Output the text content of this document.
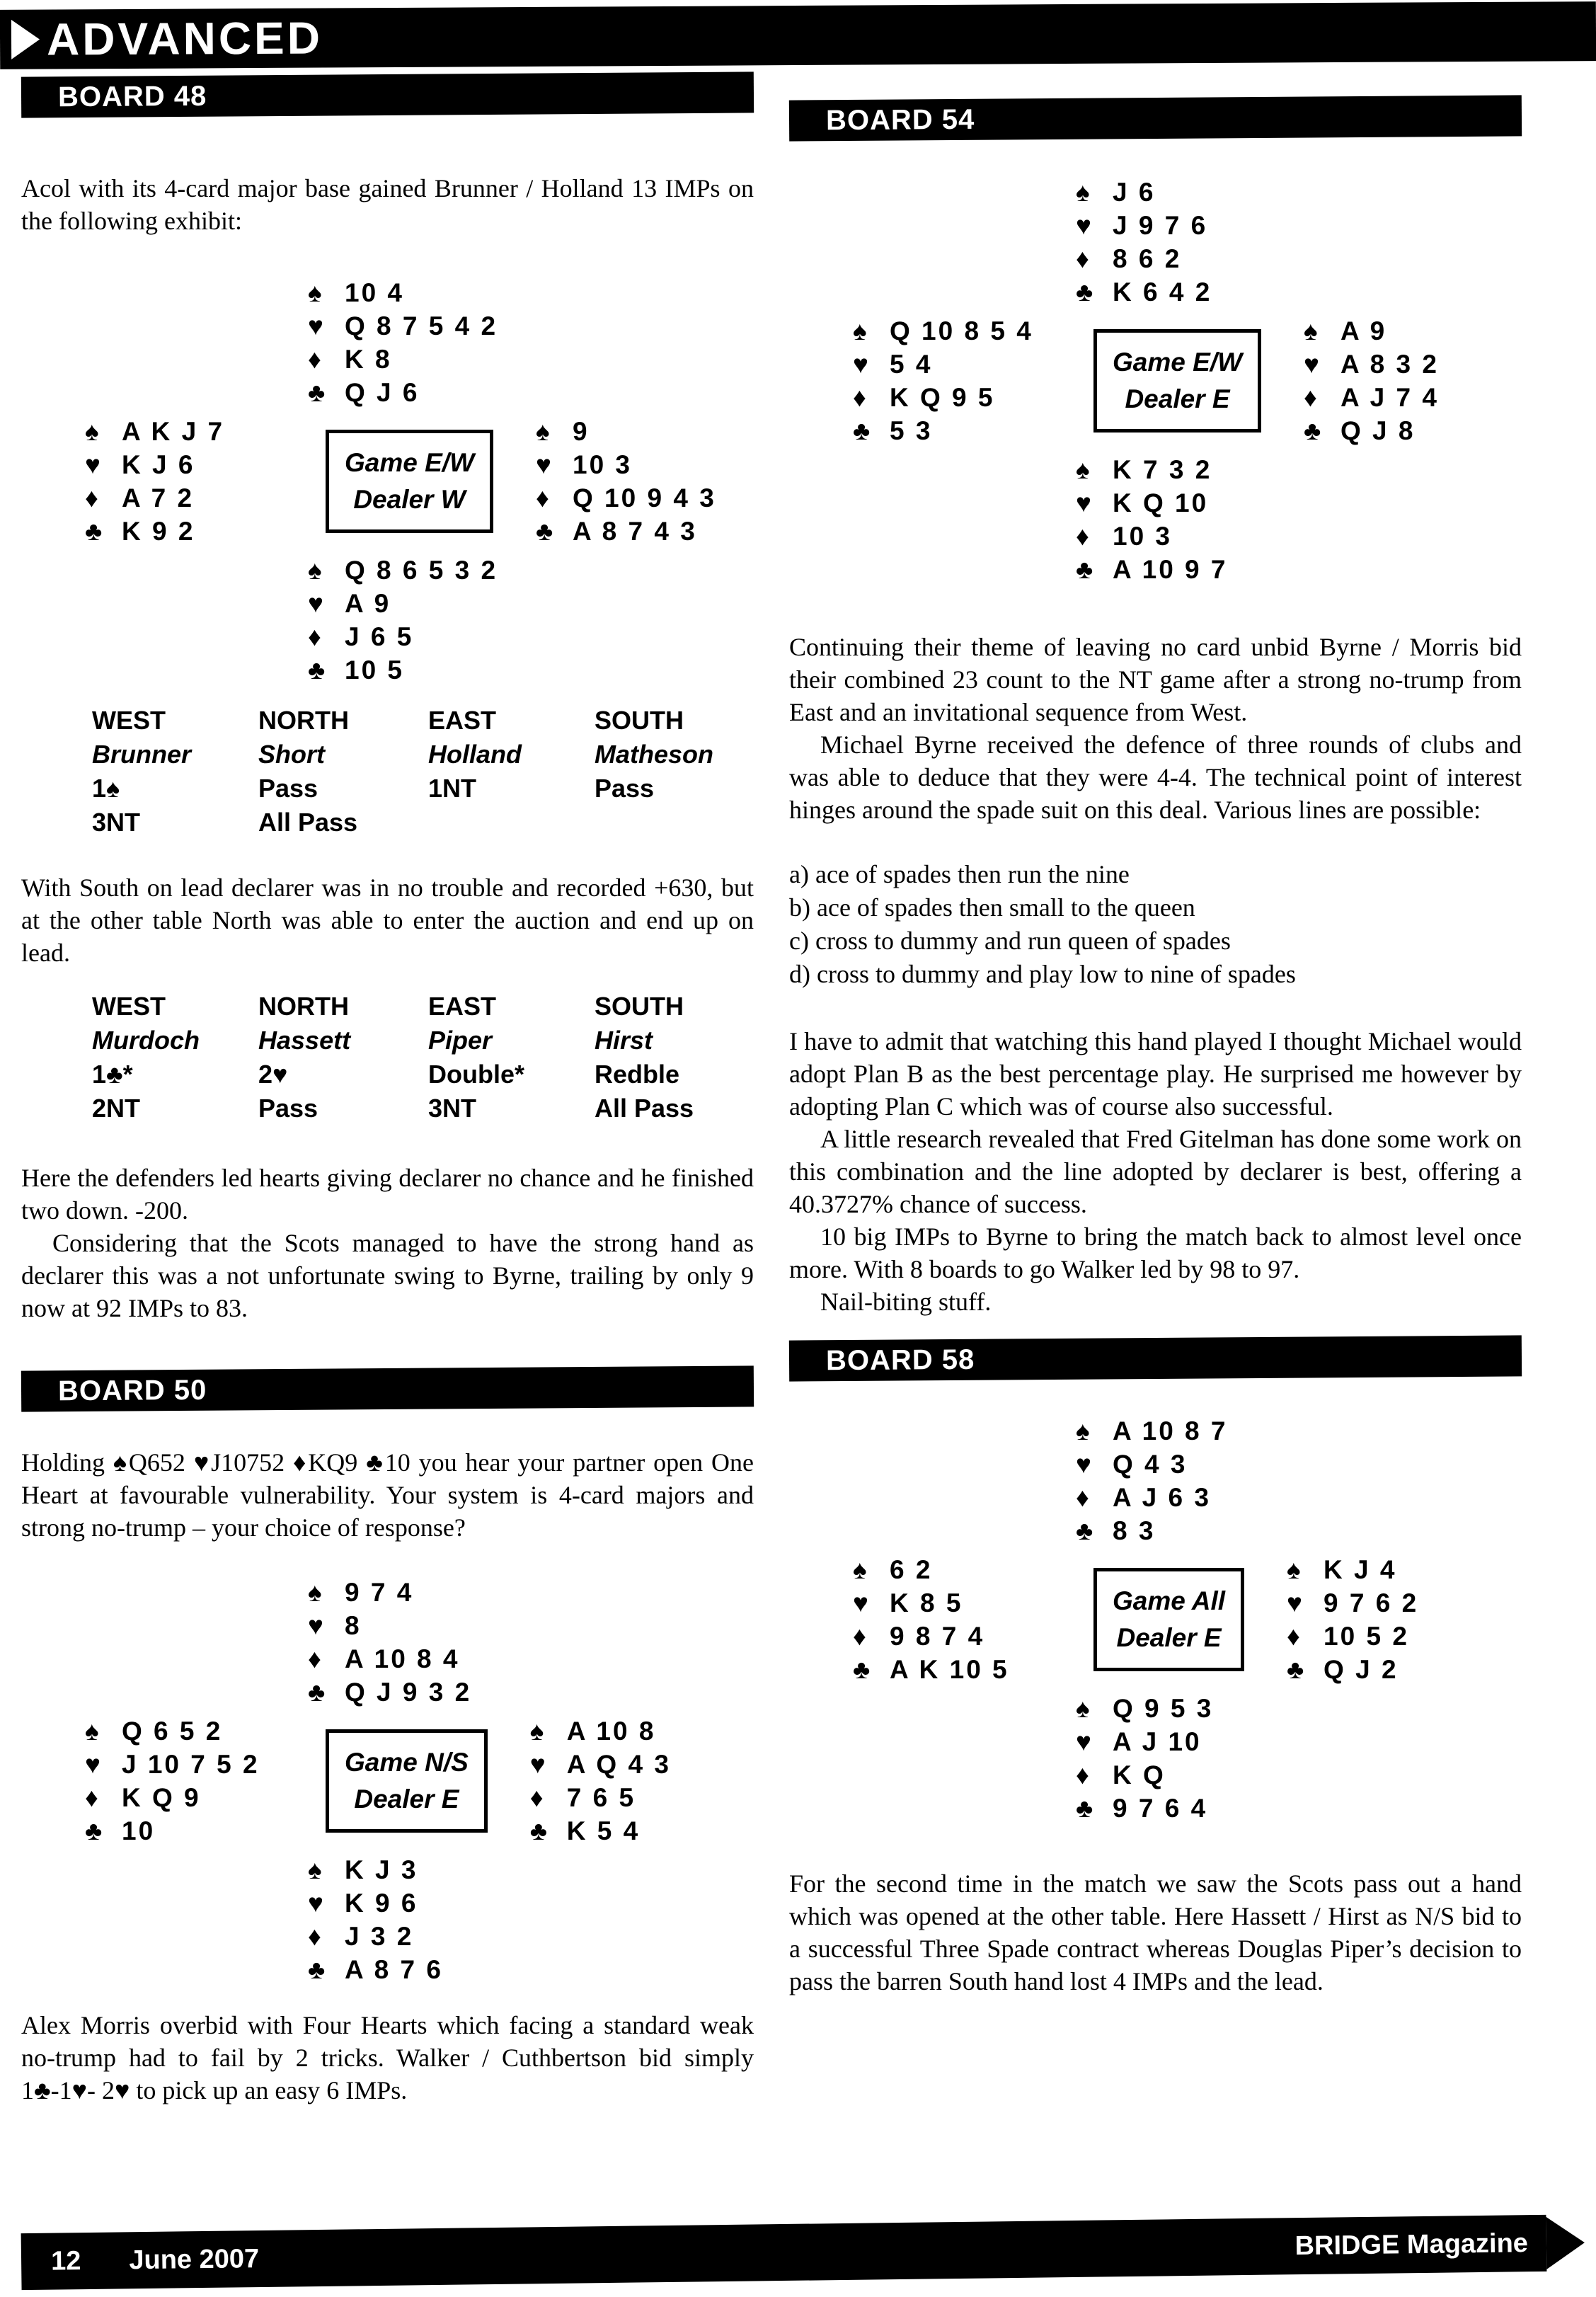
ADVANCED
BOARD 48

Acol with its 4-card major base gained Brunner / Holland 13 IMPs on the following exhibit:

♠ 10 4
♥ Q 8 7 5 4 2
♦ K 8
♣ Q J 6
♠ A K J 7
♥ K J 6
♦ A 7 2
♣ K 9 2
Game E/W
Dealer W
♠ 9
♥ 10 3
♦ Q 10 9 4 3
♣ A 8 7 4 3
♠ Q 8 6 5 3 2
♥ A 9
♦ J 6 5
♣ 10 5
WEST	NORTH	EAST	SOUTH
Brunner	Short	Holland	Matheson
1♠	Pass	1NT	Pass
3NT	All Pass

With South on lead declarer was in no trouble and recorded +630, but at the other table North was able to enter the auction and end up on lead.

WEST	NORTH	EAST	SOUTH
Murdoch	Hassett	Piper	Hirst
1♣*	2♥	Double*	Redble
2NT	Pass	3NT	All Pass

Here the defenders led hearts giving declarer no chance and he finished two down. -200.

Considering that the Scots managed to have the strong hand as declarer this was a not unfortunate swing to Byrne, trailing by only 9 now at 92 IMPs to 83.

BOARD 50

Holding ♠Q652 ♥J10752 ♦KQ9 ♣10 you hear your partner open One Heart at favourable vulnerability. Your system is 4-card majors and strong no-trump – your choice of response?

♠ 9 7 4
♥ 8
♦ A 10 8 4
♣ Q J 9 3 2
♠ Q 6 5 2
♥ J 10 7 5 2
♦ K Q 9
♣ 10
Game N/S
Dealer E
♠ A 10 8
♥ A Q 4 3
♦ 7 6 5
♣ K 5 4
♠ K J 3
♥ K 9 6
♦ J 3 2
♣ A 8 7 6

Alex Morris overbid with Four Hearts which facing a standard weak no-trump had to fail by 2 tricks. Walker / Cuthbertson bid simply 1♣-1♥- 2♥ to pick up an easy 6 IMPs.

BOARD 54
♠ J 6
♥ J 9 7 6
♦ 8 6 2
♣ K 6 4 2
♠ Q 10 8 5 4
♥ 5 4
♦ K Q 9 5
♣ 5 3
Game E/W
Dealer E
♠ A 9
♥ A 8 3 2
♦ A J 7 4
♣ Q J 8
♠ K 7 3 2
♥ K Q 10
♦ 10 3
♣ A 10 9 7

Continuing their theme of leaving no card unbid Byrne / Morris bid their combined 23 count to the NT game after a strong no-trump from East and an invitational sequence from West.

Michael Byrne received the defence of three rounds of clubs and was able to deduce that they were 4-4. The technical point of interest hinges around the spade suit on this deal. Various lines are possible:

a) ace of spades then run the nine
b) ace of spades then small to the queen
c) cross to dummy and run queen of spades
d) cross to dummy and play low to nine of spades

I have to admit that watching this hand played I thought Michael would adopt Plan B as the best percentage play. He surprised me however by adopting Plan C which was of course also successful.

A little research revealed that Fred Gitelman has done some work on this combination and the line adopted by declarer is best, offering a 40.3727% chance of success.

10 big IMPs to Byrne to bring the match back to almost level once more. With 8 boards to go Walker led by 98 to 97.

Nail-biting stuff.

BOARD 58
♠ A 10 8 7
♥ Q 4 3
♦ A J 6 3
♣ 8 3
♠ 6 2
♥ K 8 5
♦ 9 8 7 4
♣ A K 10 5
Game All
Dealer E
♠ K J 4
♥ 9 7 6 2
♦ 10 5 2
♣ Q J 2
♠ Q 9 5 3
♥ A J 10
♦ K Q
♣ 9 7 6 4

For the second time in the match we saw the Scots pass out a hand which was opened at the other table. Here Hassett / Hirst as N/S bid to a successful Three Spade contract whereas Douglas Piper’s decision to pass the barren South hand lost 4 IMPs and the lead.

12 June 2007	BRIDGE Magazine
